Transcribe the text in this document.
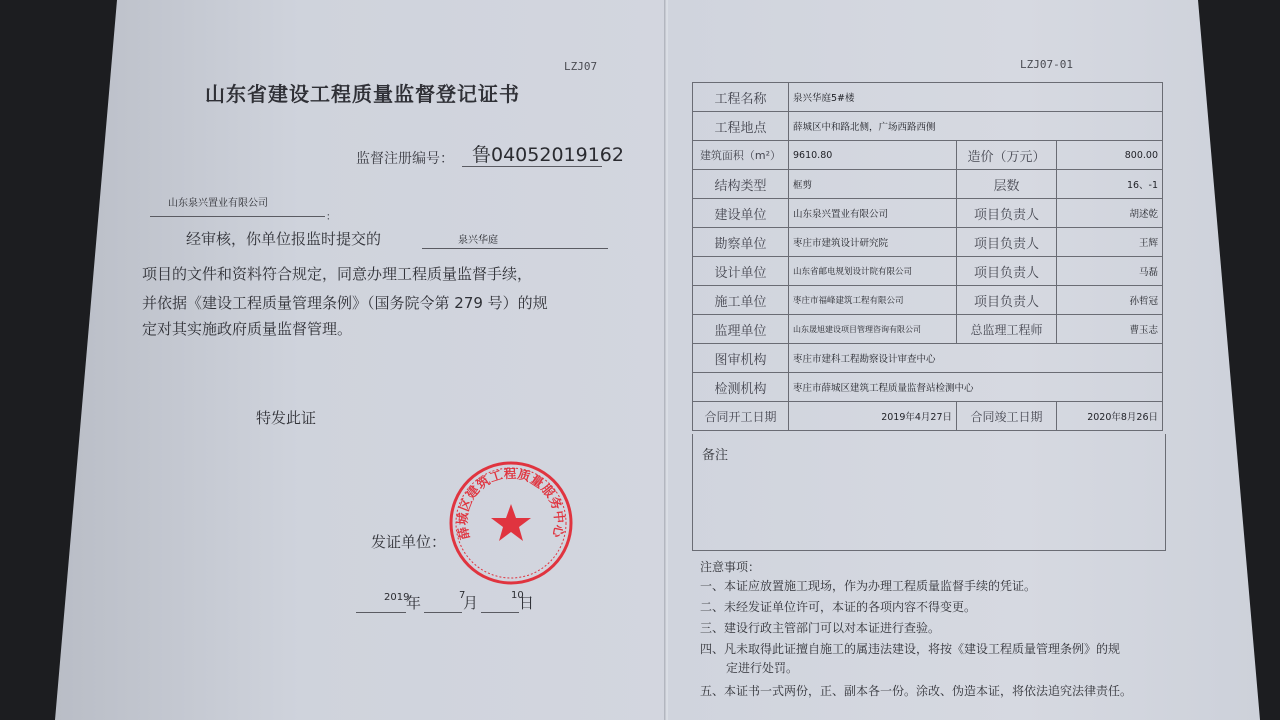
LZJ07
山东省建设工程质量监督登记证书
监督注册编号： 鲁04052019162
山东泉兴置业有限公司
：
经审核，你单位报监时提交的	泉兴华庭
项目的文件和资料符合规定，同意办理工程质量监督手续，
并依据《建设工程质量管理条例》（国务院令第 279 号）的规
定对其实施政府质量监督管理。
特发此证
发证单位：
薛城区建筑工程质量服务中心
2019
年	7
月	10
日
LZJ07-01
工程名称	泉兴华庭5#楼		
工程地点	薛城区中和路北侧，广场西路西侧		
建筑面积（m²）	9610.80	造价（万元）	800.00
结构类型	框剪	层数	16、-1
建设单位	山东泉兴置业有限公司	项目负责人	胡述乾
勘察单位	枣庄市建筑设计研究院	项目负责人	王辉
设计单位	山东省邮电规划设计院有限公司	项目负责人	马磊
施工单位	枣庄市福峰建筑工程有限公司	项目负责人	孙哲冠
监理单位	山东晟旭建设项目管理咨询有限公司	总监理工程师	曹玉志
图审机构	枣庄市建科工程勘察设计审查中心		
检测机构	枣庄市薛城区建筑工程质量监督站检测中心		
合同开工日期	2019年4月27日	合同竣工日期	2020年8月26日
备注
注意事项：
一、本证应放置施工现场，作为办理工程质量监督手续的凭证。
二、未经发证单位许可，本证的各项内容不得变更。
三、建设行政主管部门可以对本证进行查验。
四、凡未取得此证擅自施工的属违法建设，将按《建设工程质量管理条例》的规
定进行处罚。
五、本证书一式两份，正、副本各一份。涂改、伪造本证，将依法追究法律责任。
